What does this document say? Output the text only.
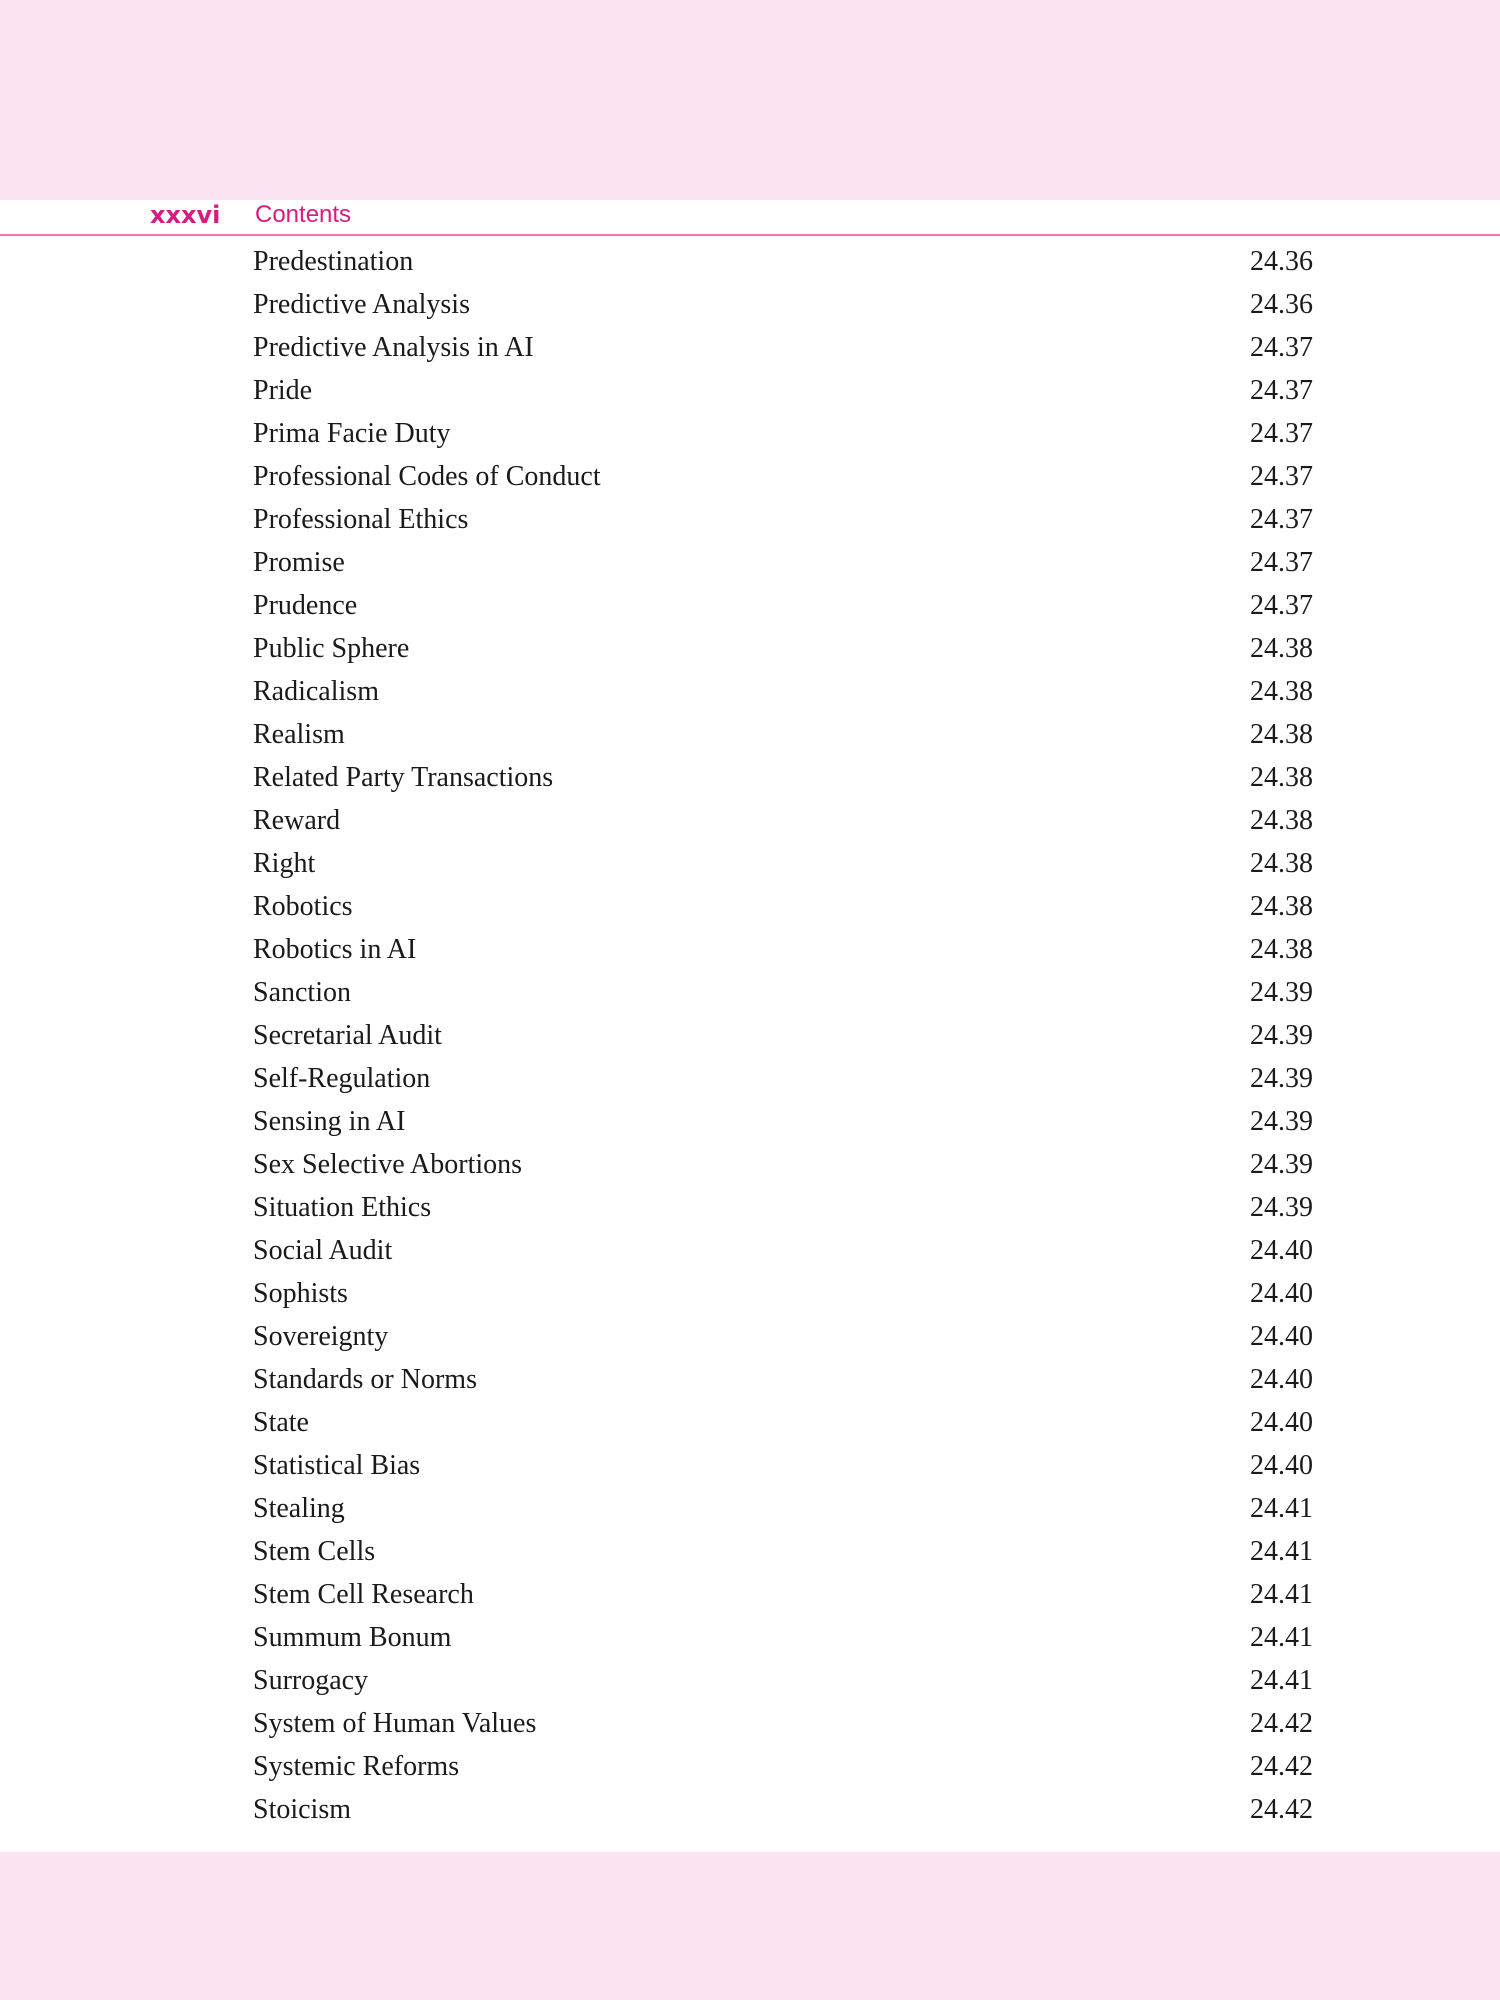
xxxvi Contents
Predestination	24.36
Predictive Analysis	24.36
Predictive Analysis in AI	24.37
Pride	24.37
Prima Facie Duty	24.37
Professional Codes of Conduct	24.37
Professional Ethics	24.37
Promise	24.37
Prudence	24.37
Public Sphere	24.38
Radicalism	24.38
Realism	24.38
Related Party Transactions	24.38
Reward	24.38
Right	24.38
Robotics	24.38
Robotics in AI	24.38
Sanction	24.39
Secretarial Audit	24.39
Self-Regulation	24.39
Sensing in AI	24.39
Sex Selective Abortions	24.39
Situation Ethics	24.39
Social Audit	24.40
Sophists	24.40
Sovereignty	24.40
Standards or Norms	24.40
State	24.40
Statistical Bias	24.40
Stealing	24.41
Stem Cells	24.41
Stem Cell Research	24.41
Summum Bonum	24.41
Surrogacy	24.41
System of Human Values	24.42
Systemic Reforms	24.42
Stoicism	24.42
